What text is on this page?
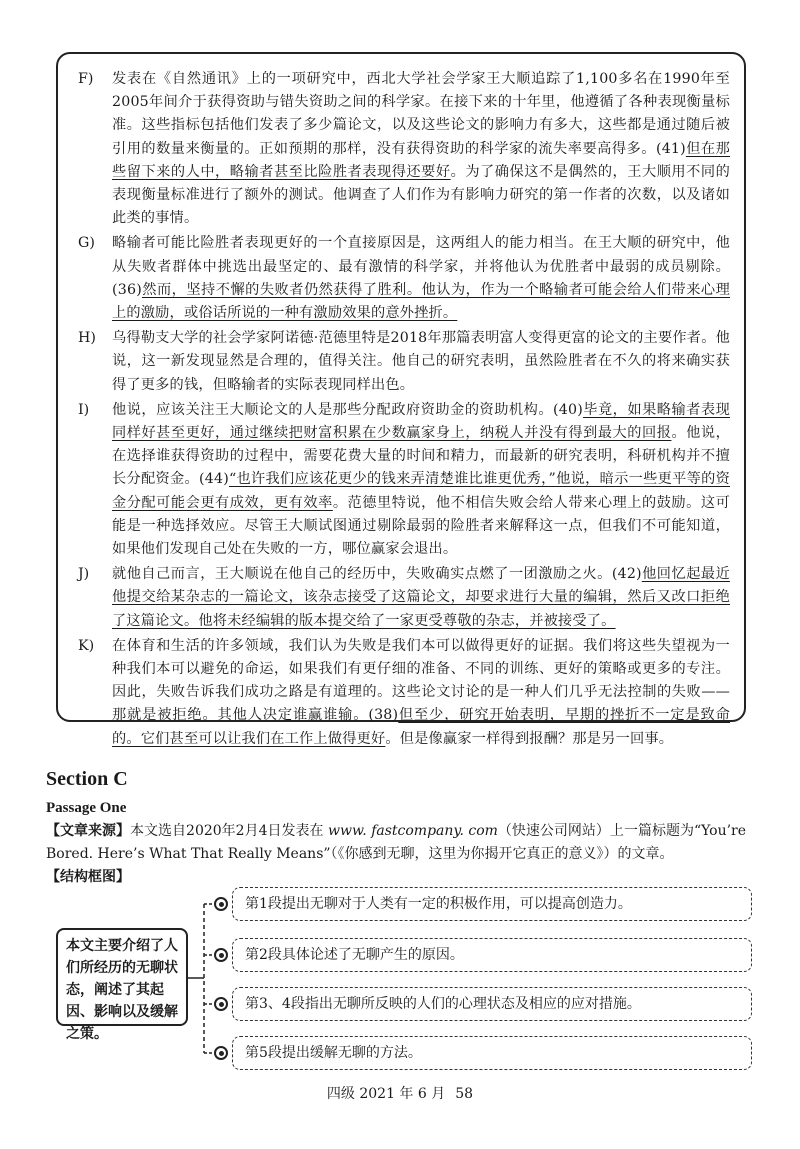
F)	发表在《自然通讯》上的一项研究中，西北大学社会学家王大顺追踪了1,100多名在1990年至2005年间介于获得资助与错失资助之间的科学家。在接下来的十年里，他遵循了各种表现衡量标准。这些指标包括他们发表了多少篇论文，以及这些论文的影响力有多大，这些都是通过随后被引用的数量来衡量的。正如预期的那样，没有获得资助的科学家的流失率要高得多。(41)但在那些留下来的人中，略输者甚至比险胜者表现得还要好。为了确保这不是偶然的，王大顺用不同的表现衡量标准进行了额外的测试。他调查了人们作为有影响力研究的第一作者的次数，以及诸如此类的事情。
G)	略输者可能比险胜者表现更好的一个直接原因是，这两组人的能力相当。在王大顺的研究中，他从失败者群体中挑选出最坚定的、最有激情的科学家，并将他认为优胜者中最弱的成员剔除。(36)然而，坚持不懈的失败者仍然获得了胜利。他认为，作为一个略输者可能会给人们带来心理上的激励，或俗话所说的一种有激励效果的意外挫折。
H)	乌得勒支大学的社会学家阿诺德·范德里特是2018年那篇表明富人变得更富的论文的主要作者。他说，这一新发现显然是合理的，值得关注。他自己的研究表明，虽然险胜者在不久的将来确实获得了更多的钱，但略输者的实际表现同样出色。
I)	他说，应该关注王大顺论文的人是那些分配政府资助金的资助机构。(40)毕竟，如果略输者表现同样好甚至更好，通过继续把财富积累在少数赢家身上，纳税人并没有得到最大的回报。他说，在选择谁获得资助的过程中，需要花费大量的时间和精力，而最新的研究表明，科研机构并不擅长分配资金。(44)“也许我们应该花更少的钱来弄清楚谁比谁更优秀，”他说，暗示一些更平等的资金分配可能会更有成效，更有效率。范德里特说，他不相信失败会给人带来心理上的鼓励。这可能是一种选择效应。尽管王大顺试图通过剔除最弱的险胜者来解释这一点，但我们不可能知道，如果他们发现自己处在失败的一方，哪位赢家会退出。
J)	就他自己而言，王大顺说在他自己的经历中，失败确实点燃了一团激励之火。(42)他回忆起最近他提交给某杂志的一篇论文，该杂志接受了这篇论文，却要求进行大量的编辑，然后又改口拒绝了这篇论文。他将未经编辑的版本提交给了一家更受尊敬的杂志，并被接受了。
K)	在体育和生活的许多领域，我们认为失败是我们本可以做得更好的证据。我们将这些失望视为一种我们本可以避免的命运，如果我们有更仔细的准备、不同的训练、更好的策略或更多的专注。因此，失败告诉我们成功之路是有道理的。这些论文讨论的是一种人们几乎无法控制的失败——那就是被拒绝。其他人决定谁赢谁输。(38)但至少，研究开始表明，早期的挫折不一定是致命的。它们甚至可以让我们在工作上做得更好。但是像赢家一样得到报酬？那是另一回事。
Section C
Passage One
【文章来源】本文选自2020年2月4日发表在 www. fastcompany. com（快速公司网站）上一篇标题为“You’re Bored. Here’s What That Really Means”（《你感到无聊，这里为你揭开它真正的意义》）的文章。
【结构框图】
本文主要介绍了人们所经历的无聊状态，阐述了其起因、影响以及缓解之策。
第1段提出无聊对于人类有一定的积极作用，可以提高创造力。
第2段具体论述了无聊产生的原因。
第3、4段指出无聊所反映的人们的心理状态及相应的应对措施。
第5段提出缓解无聊的方法。
四级 2021 年 6 月 58
